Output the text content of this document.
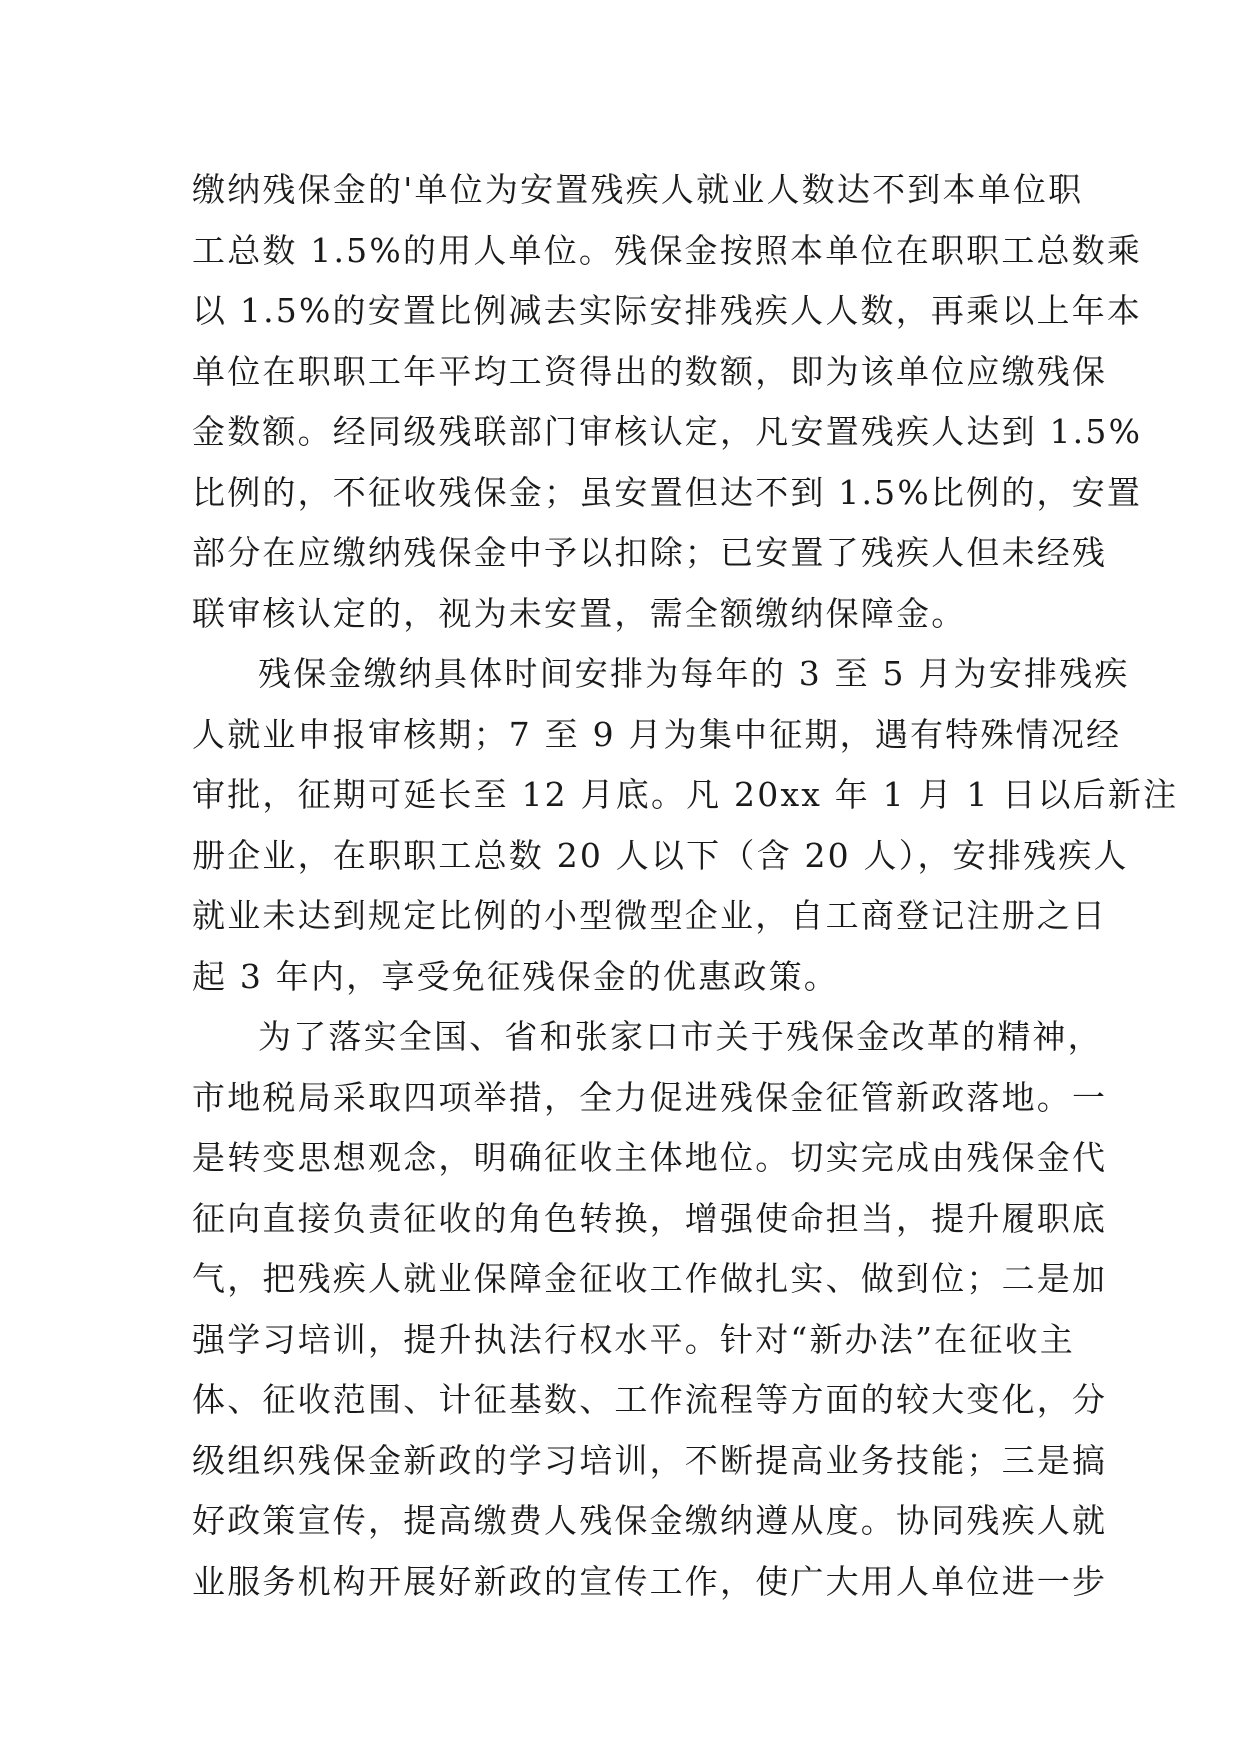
缴纳残保金的'单位为安置残疾人就业人数达不到本单位职
工总数 1.5%的用人单位。残保金按照本单位在职职工总数乘
以 1.5%的安置比例减去实际安排残疾人人数，再乘以上年本
单位在职职工年平均工资得出的数额，即为该单位应缴残保
金数额。经同级残联部门审核认定，凡安置残疾人达到 1.5%
比例的，不征收残保金；虽安置但达不到 1.5%比例的，安置
部分在应缴纳残保金中予以扣除；已安置了残疾人但未经残
联审核认定的，视为未安置，需全额缴纳保障金。
残保金缴纳具体时间安排为每年的 3 至 5 月为安排残疾
人就业申报审核期；7 至 9 月为集中征期，遇有特殊情况经
审批，征期可延长至 12 月底。凡 20xx 年 1 月 1 日以后新注
册企业，在职职工总数 20 人以下（含 20 人），安排残疾人
就业未达到规定比例的小型微型企业，自工商登记注册之日
起 3 年内，享受免征残保金的优惠政策。
为了落实全国、省和张家口市关于残保金改革的精神，
市地税局采取四项举措，全力促进残保金征管新政落地。一
是转变思想观念，明确征收主体地位。切实完成由残保金代
征向直接负责征收的角色转换，增强使命担当，提升履职底
气，把残疾人就业保障金征收工作做扎实、做到位；二是加
强学习培训，提升执法行权水平。针对“新办法”在征收主
体、征收范围、计征基数、工作流程等方面的较大变化，分
级组织残保金新政的学习培训，不断提高业务技能；三是搞
好政策宣传，提高缴费人残保金缴纳遵从度。协同残疾人就
业服务机构开展好新政的宣传工作，使广大用人单位进一步
